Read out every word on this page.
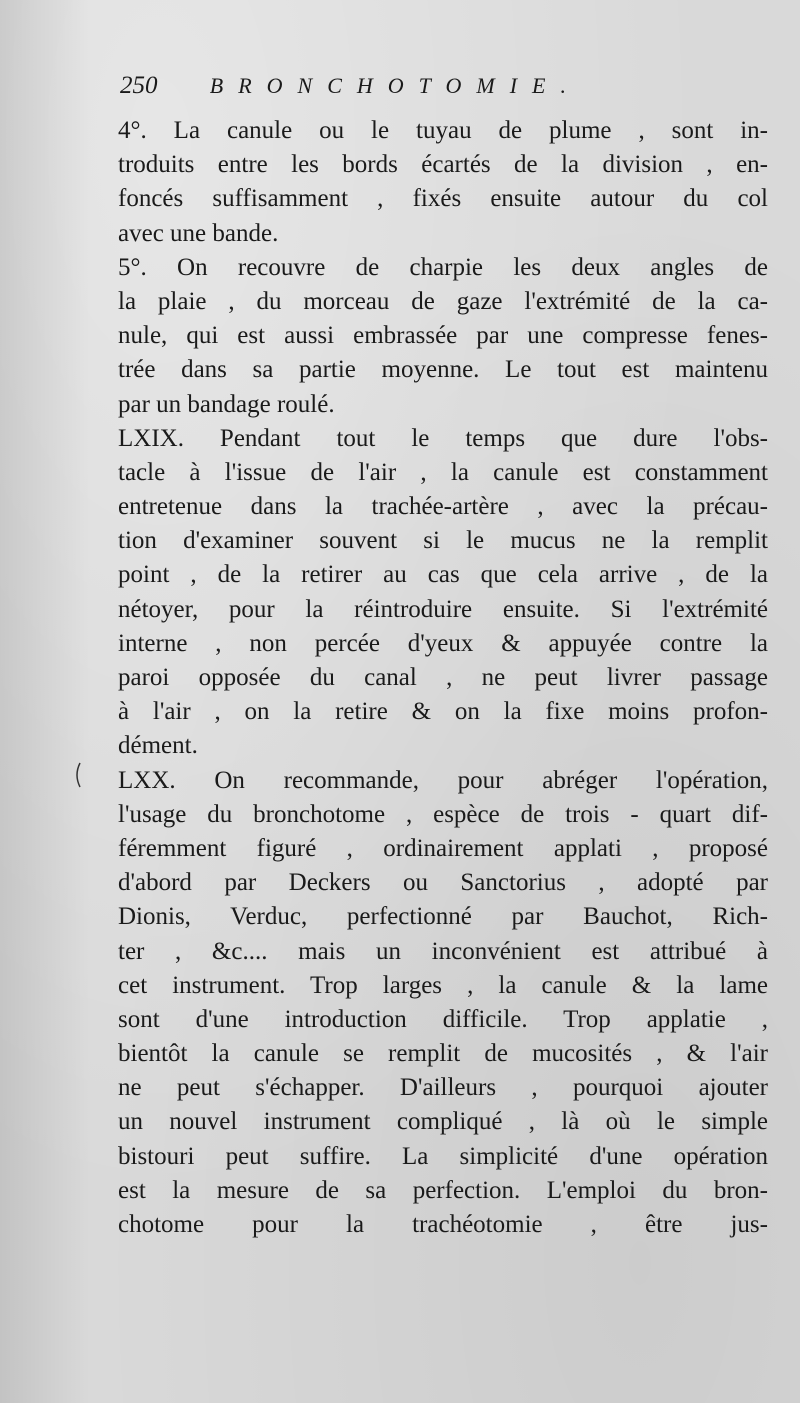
250 BRONCHOTOMIE.
4°. La canule ou le tuyau de plume , sont in-
troduits entre les bords écartés de la division , en-
foncés suffisamment , fixés ensuite autour du col
avec une bande.
5°. On recouvre de charpie les deux angles de
la plaie , du morceau de gaze l'extrémité de la ca-
nule, qui est aussi embrassée par une compresse fenes-
trée dans sa partie moyenne. Le tout est maintenu
par un bandage roulé.
LXIX. Pendant tout le temps que dure l'obs-
tacle à l'issue de l'air , la canule est constamment
entretenue dans la trachée-artère , avec la précau-
tion d'examiner souvent si le mucus ne la remplit
point , de la retirer au cas que cela arrive , de la
nétoyer, pour la réintroduire ensuite. Si l'extrémité
interne , non percée d'yeux & appuyée contre la
paroi opposée du canal , ne peut livrer passage
à l'air , on la retire & on la fixe moins profon-
dément.
LXX. On recommande, pour abréger l'opération,
l'usage du bronchotome , espèce de trois - quart dif-
féremment figuré , ordinairement applati , proposé
d'abord par Deckers ou Sanctorius , adopté par
Dionis, Verduc, perfectionné par Bauchot, Rich-
ter , &c.... mais un inconvénient est attribué à
cet instrument. Trop larges , la canule & la lame
sont d'une introduction difficile. Trop applatie ,
bientôt la canule se remplit de mucosités , & l'air
ne peut s'échapper. D'ailleurs , pourquoi ajouter
un nouvel instrument compliqué , là où le simple
bistouri peut suffire. La simplicité d'une opération
est la mesure de sa perfection. L'emploi du bron-
chotome pour la trachéotomie , être jus-
